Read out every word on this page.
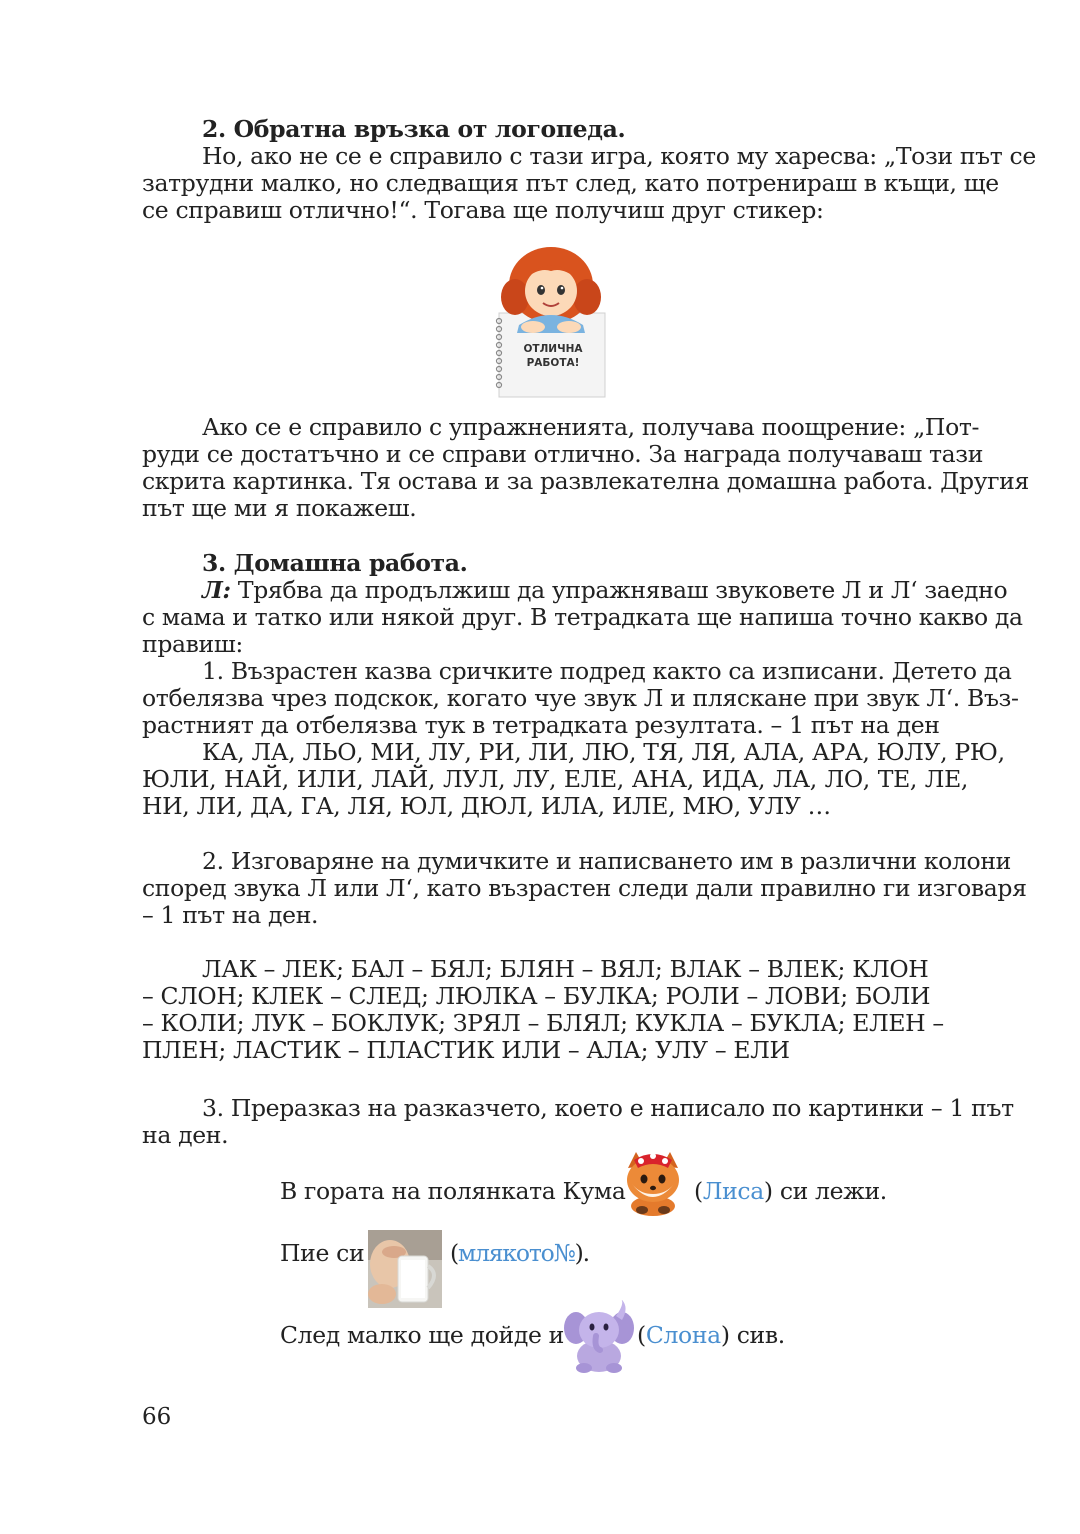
2. Обратна връзка от логопеда.
Но, ако не се е справило с тази игра, която му харесва: „Този път се
затрудни малко, но следващия път след, като потренираш в къщи, ще
се справиш отлично!“. Тогава ще получиш друг стикер:
ОТЛИЧНА
РАБОТА!
Ако се е справило с упражненията, получава поощрение: „Пот-
руди се достатъчно и се справи отлично. За награда получаваш тази
скрита картинка. Тя остава и за развлекателна домашна работа. Другия
път ще ми я покажеш.
3. Домашна работа.
Л: Трябва да продължиш да упражняваш звуковете Л и Л‘ заедно
с мама и татко или някой друг. В тетрадката ще напиша точно какво да
правиш:
1. Възрастен казва сричките подред както са изписани. Детето да
отбелязва чрез подскок, когато чуе звук Л и пляскане при звук Л‘. Въз-
растният да отбелязва тук в тетрадката резултата. – 1 път на ден
КА, ЛА, ЛЬО, МИ, ЛУ, РИ, ЛИ, ЛЮ, ТЯ, ЛЯ, АЛА, АРА, ЮЛУ, РЮ,
ЮЛИ, НАЙ, ИЛИ, ЛАЙ, ЛУЛ, ЛУ, ЕЛЕ, АНА, ИДА, ЛА, ЛО, ТЕ, ЛЕ,
НИ, ЛИ, ДА, ГА, ЛЯ, ЮЛ, ДЮЛ, ИЛА, ИЛЕ, МЮ, УЛУ …
2. Изговаряне на думичките и написването им в различни колони
според звука Л или Л‘, като възрастен следи дали правилно ги изговаря
– 1 път на ден.
ЛАК – ЛЕК; БАЛ – БЯЛ; БЛЯН – ВЯЛ; ВЛАК – ВЛЕК; КЛОН
– СЛОН; КЛЕК – СЛЕД; ЛЮЛКА – БУЛКА; РОЛИ – ЛОВИ; БОЛИ
– КОЛИ; ЛУК – БОКЛУК; ЗРЯЛ – БЛЯЛ; КУКЛА – БУКЛА; ЕЛЕН –
ПЛЕН; ЛАСТИК – ПЛАСТИК ИЛИ – АЛА; УЛУ – ЕЛИ
3. Преразказ на разказчето, което е написало по картинки – 1 път
на ден.
В гората на полянката Кума	(Лиса) си лежи.
Пие си	(млякото№).
След малко ще дойде и	(Слона) сив.
66
